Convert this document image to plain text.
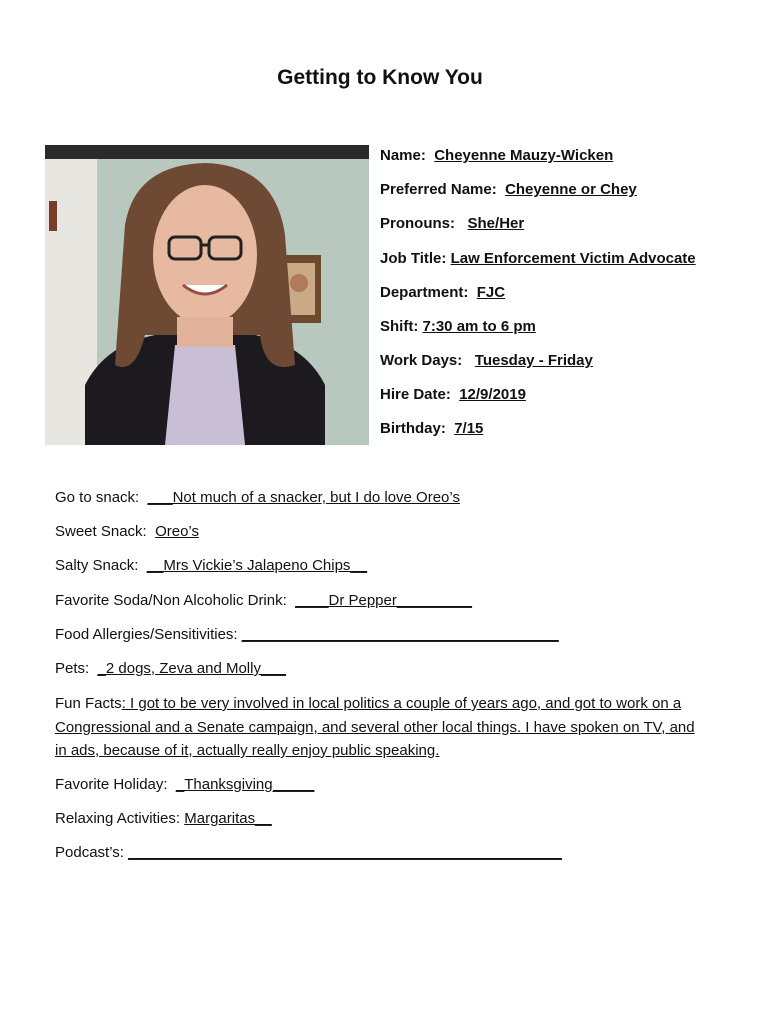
Getting to Know You
Name: Cheyenne Mauzy-Wicken
Preferred Name: Cheyenne or Chey
Pronouns: She/Her
Job Title: Law Enforcement Victim Advocate
Department: FJC
Shift: 7:30 am to 6 pm
Work Days: Tuesday - Friday
Hire Date: 12/9/2019
Birthday: 7/15
Go to snack: ___Not much of a snacker, but I do love Oreo’s
Sweet Snack: Oreo’s
Salty Snack: __Mrs Vickie’s Jalapeno Chips__
Favorite Soda/Non Alcoholic Drink: ____Dr Pepper_________
Food Allergies/Sensitivities: ______________________________________
Pets: _2 dogs, Zeva and Molly___
Fun Facts: I got to be very involved in local politics a couple of years ago, and got to work on a Congressional and a Senate campaign, and several other local things. I have spoken on TV, and in ads, because of it, actually really enjoy public speaking.
Favorite Holiday: _Thanksgiving_____
Relaxing Activities: Margaritas__
Podcast’s: ____________________________________________________
